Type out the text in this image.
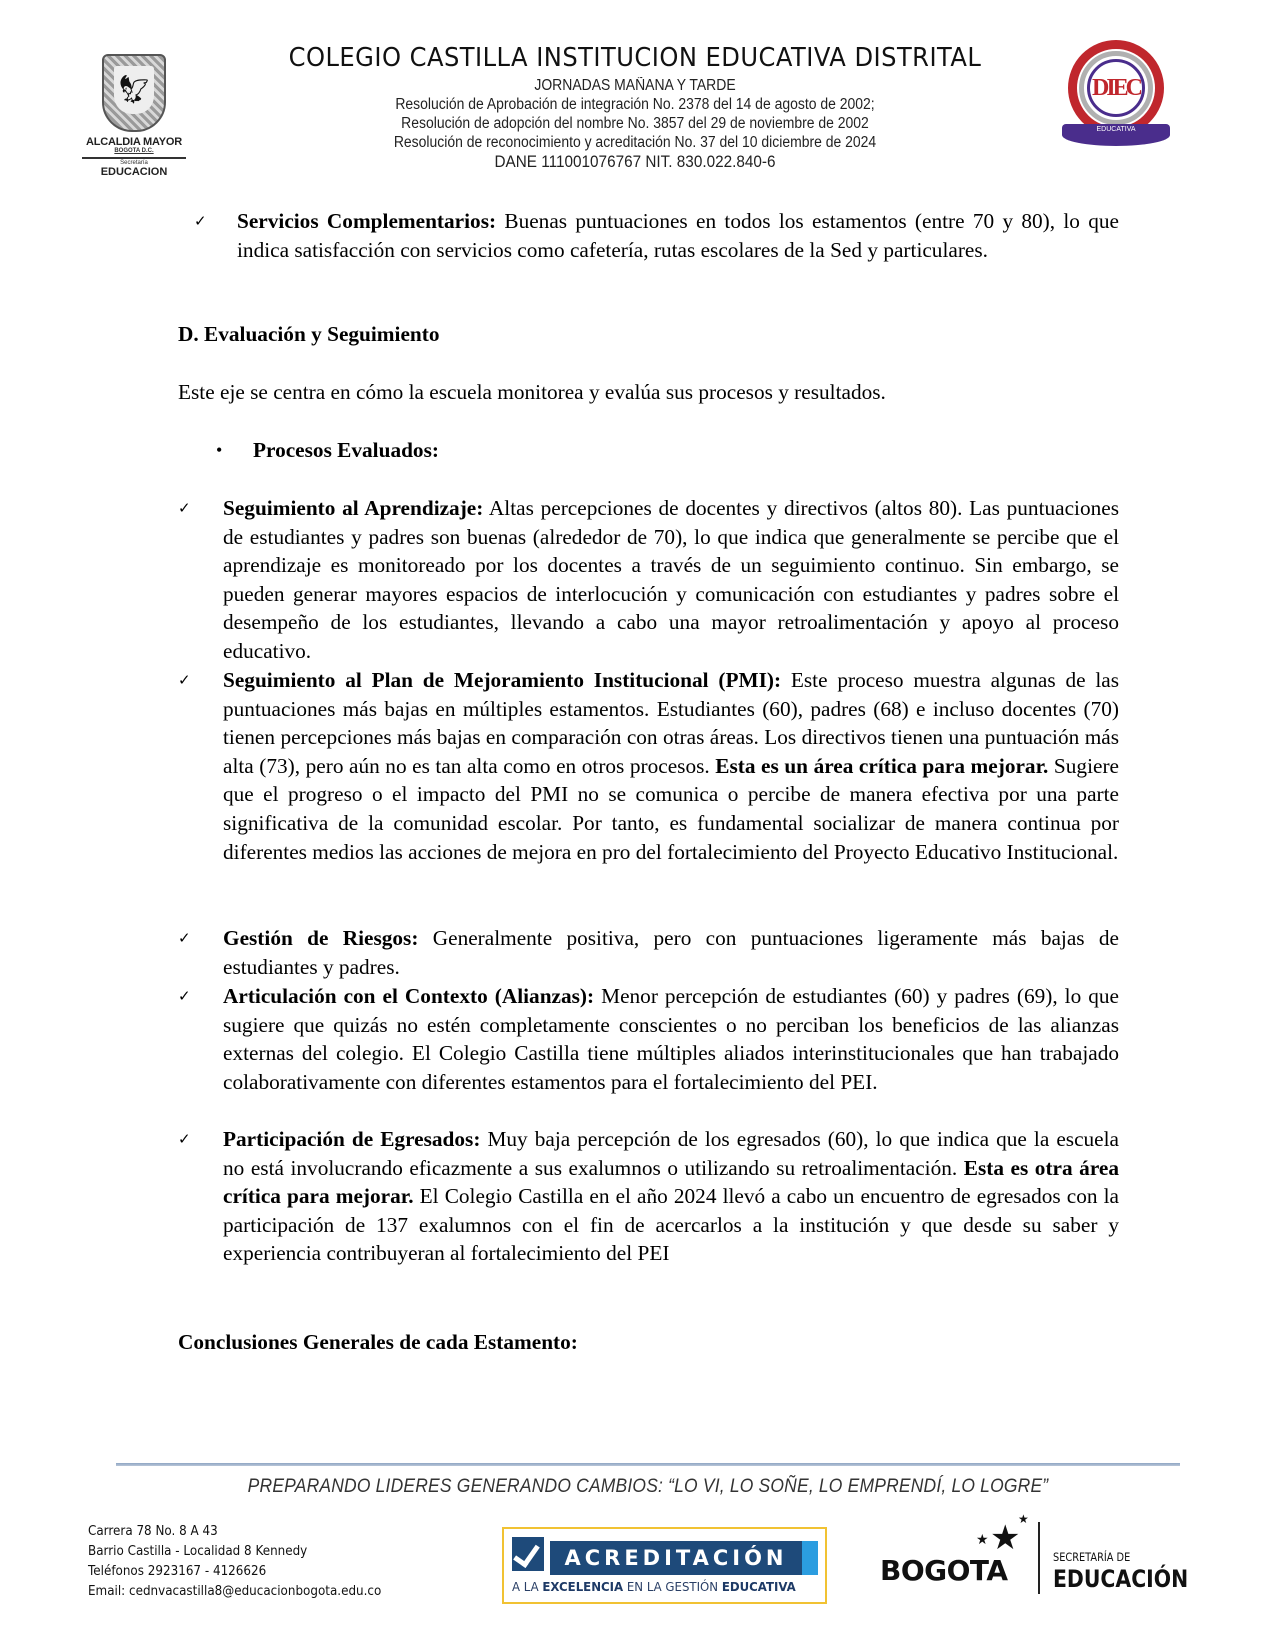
🦅︎
ALCALDIA MAYOR
BOGOTA D.C.
Secretaría
EDUCACION
COLEGIO CASTILLA INSTITUCION EDUCATIVA DISTRITAL
JORNADAS MAÑANA Y TARDE
Resolución de Aprobación de integración No. 2378 del 14 de agosto de 2002;
Resolución de adopción del nombre No. 3857 del 29 de noviembre de 2002
Resolución de reconocimiento y acreditación No. 37 del 10 diciembre de 2024
DANE 111001076767 NIT. 830.022.840-6
DIEC
EDUCATIVA
✓ Servicios Complementarios: Buenas puntuaciones en todos los estamentos (entre 70 y 80), lo que indica satisfacción con servicios como cafetería, rutas escolares de la Sed y particulares.

D. Evaluación y Seguimiento
Este eje se centra en cómo la escuela monitorea y evalúa sus procesos y resultados.
• Procesos Evaluados:
✓ Seguimiento al Aprendizaje: Altas percepciones de docentes y directivos (altos 80). Las puntuaciones de estudiantes y padres son buenas (alrededor de 70), lo que indica que generalmente se percibe que el aprendizaje es monitoreado por los docentes a través de un seguimiento continuo. Sin embargo, se pueden generar mayores espacios de interlocución y comunicación con estudiantes y padres sobre el desempeño de los estudiantes, llevando a cabo una mayor retroalimentación y apoyo al proceso educativo.

✓ Seguimiento al Plan de Mejoramiento Institucional (PMI): Este proceso muestra algunas de las puntuaciones más bajas en múltiples estamentos. Estudiantes (60), padres (68) e incluso docentes (70) tienen percepciones más bajas en comparación con otras áreas. Los directivos tienen una puntuación más alta (73), pero aún no es tan alta como en otros procesos. Esta es un área crítica para mejorar. Sugiere que el progreso o el impacto del PMI no se comunica o percibe de manera efectiva por una parte significativa de la comunidad escolar. Por tanto, es fundamental socializar de manera continua por diferentes medios las acciones de mejora en pro del fortalecimiento del Proyecto Educativo Institucional.

✓ Gestión de Riesgos: Generalmente positiva, pero con puntuaciones ligeramente más bajas de estudiantes y padres.

✓ Articulación con el Contexto (Alianzas): Menor percepción de estudiantes (60) y padres (69), lo que sugiere que quizás no estén completamente conscientes o no perciban los beneficios de las alianzas externas del colegio. El Colegio Castilla tiene múltiples aliados interinstitucionales que han trabajado colaborativamente con diferentes estamentos para el fortalecimiento del PEI.

✓ Participación de Egresados: Muy baja percepción de los egresados (60), lo que indica que la escuela no está involucrando eficazmente a sus exalumnos o utilizando su retroalimentación. Esta es otra área crítica para mejorar. El Colegio Castilla en el año 2024 llevó a cabo un encuentro de egresados con la participación de 137 exalumnos con el fin de acercarlos a la institución y que desde su saber y experiencia contribuyeran al fortalecimiento del PEI

Conclusiones Generales de cada Estamento:
PREPARANDO LIDERES GENERANDO CAMBIOS: “LO VI, LO SOÑE, LO EMPRENDÍ, LO LOGRE”
Carrera 78 No. 8 A 43
Barrio Castilla - Localidad 8 Kennedy
Teléfonos 2923167 - 4126626
Email: cednvacastilla8@educacionbogota.edu.co
ACREDITACIÓN
A LA EXCELENCIA EN LA GESTIÓN EDUCATIVA
★
★
★
BOGOTA	SECRETARÍA DE
EDUCACIÓN
